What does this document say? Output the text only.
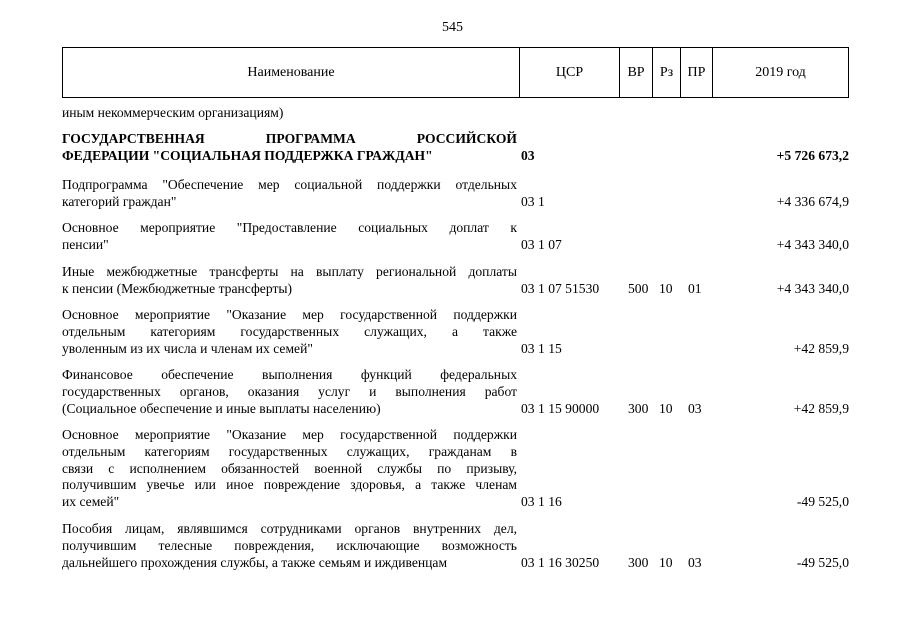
545
Наименование	ЦСР	ВР	Рз	ПР	2019 год
иным некоммерческим организациям)
ГОСУДАРСТВЕННАЯ ПРОГРАММА РОССИЙСКОЙ
ФЕДЕРАЦИИ "СОЦИАЛЬНАЯ ПОДДЕРЖКА ГРАЖДАН"	03	+5 726 673,2
Подпрограмма "Обеспечение мер социальной поддержки отдельных
категорий граждан"	03 1	+4 336 674,9
Основное мероприятие "Предоставление социальных доплат к
пенсии"	03 1 07	+4 343 340,0
Иные межбюджетные трансферты на выплату региональной доплаты
к пенсии (Межбюджетные трансферты)	03 1 07 51530	500 10 01	+4 343 340,0
Основное мероприятие "Оказание мер государственной поддержки
отдельным категориям государственных служащих, а также
уволенным из их числа и членам их семей"	03 1 15	+42 859,9
Финансовое обеспечение выполнения функций федеральных
государственных органов, оказания услуг и выполнения работ
(Социальное обеспечение и иные выплаты населению)	03 1 15 90000	300 10 03	+42 859,9
Основное мероприятие "Оказание мер государственной поддержки
отдельным категориям государственных служащих, гражданам в
связи с исполнением обязанностей военной службы по призыву,
получившим увечье или иное повреждение здоровья, а также членам
их семей"	03 1 16	-49 525,0
Пособия лицам, являвшимся сотрудниками органов внутренних дел,
получившим телесные повреждения, исключающие возможность
дальнейшего прохождения службы, а также семьям и иждивенцам	03 1 16 30250	300 10 03	-49 525,0
